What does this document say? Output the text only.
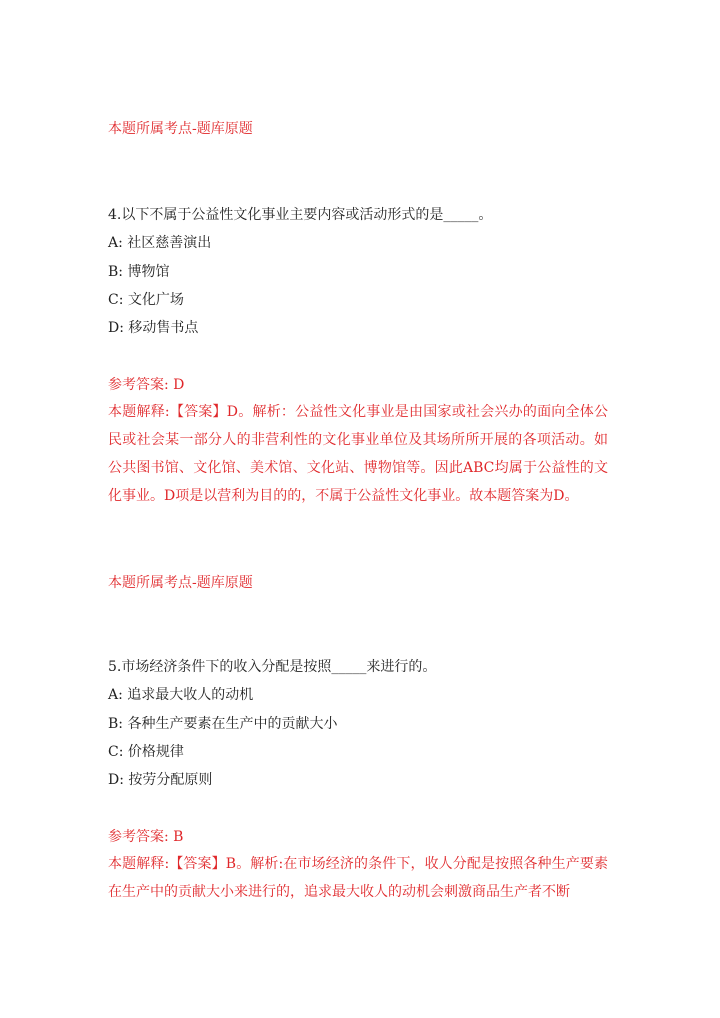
本题所属考点-题库原题
4.以下不属于公益性文化事业主要内容或活动形式的是_____。
A: 社区慈善演出
B: 博物馆
C: 文化广场
D: 移动售书点
参考答案: D
本题解释:【答案】D。解析：公益性文化事业是由国家或社会兴办的面向全体公民或社会某一部分人的非营利性的文化事业单位及其场所所开展的各项活动。如公共图书馆、文化馆、美术馆、文化站、博物馆等。因此ABC均属于公益性的文化事业。D项是以营利为目的的，不属于公益性文化事业。故本题答案为D。
本题所属考点-题库原题
5.市场经济条件下的收入分配是按照_____来进行的。
A: 追求最大收人的动机
B: 各种生产要素在生产中的贡献大小
C: 价格规律
D: 按劳分配原则
参考答案: B
本题解释:【答案】B。解析:在市场经济的条件下，收人分配是按照各种生产要素在生产中的贡献大小来进行的，追求最大收人的动机会刺激商品生产者不断
